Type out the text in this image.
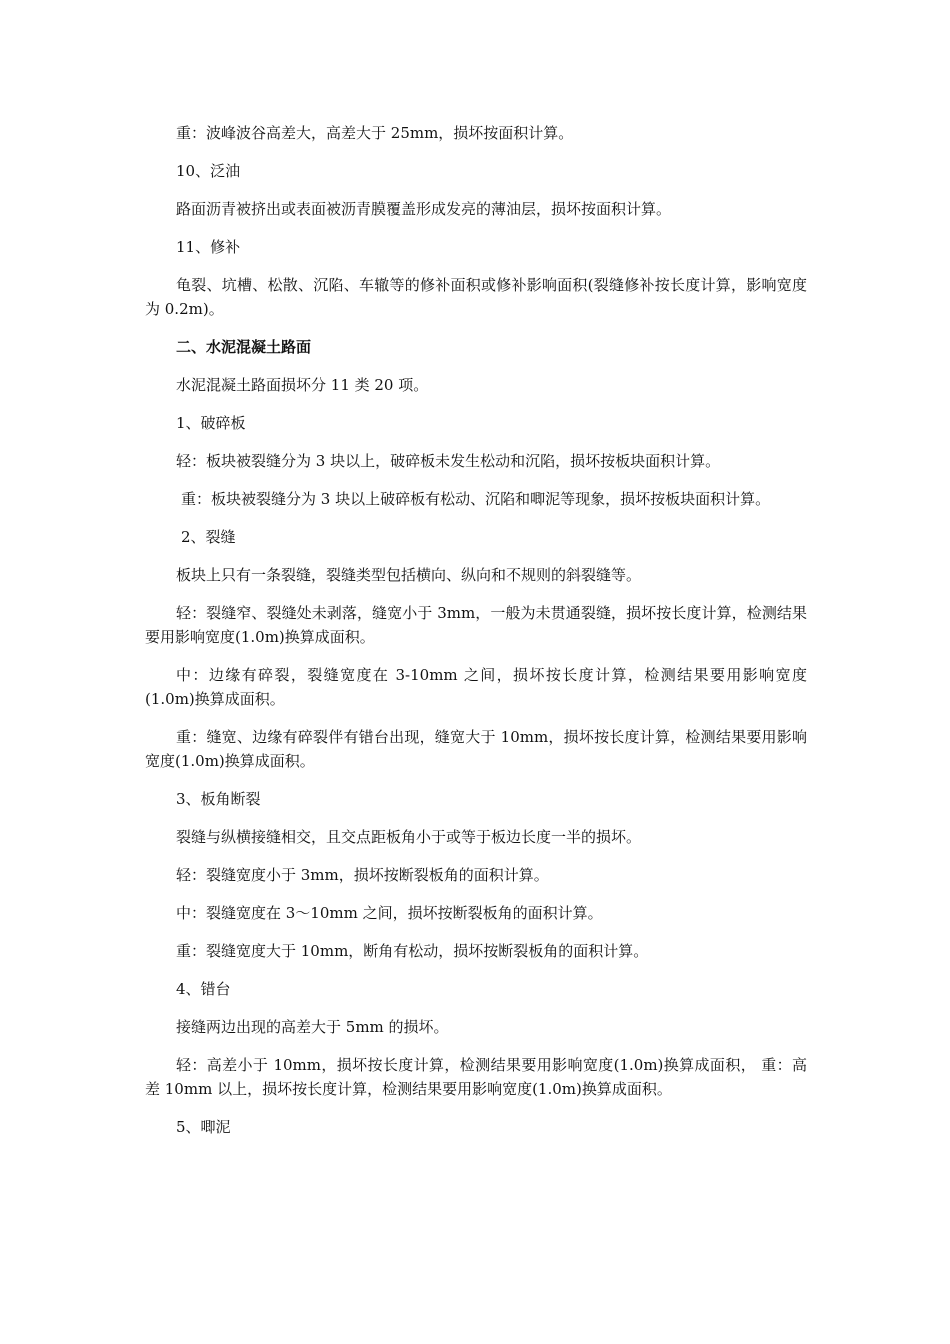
重：波峰波谷高差大，高差大于 25mm，损坏按面积计算。

10、泛油

路面沥青被挤出或表面被沥青膜覆盖形成发亮的薄油层，损坏按面积计算。

11、修补

龟裂、坑槽、松散、沉陷、车辙等的修补面积或修补影响面积(裂缝修补按长度计算，影响宽度为 0.2m)。

二、水泥混凝土路面

水泥混凝土路面损坏分 11 类 20 项。

1、破碎板

轻：板块被裂缝分为 3 块以上，破碎板未发生松动和沉陷，损坏按板块面积计算。

重：板块被裂缝分为 3 块以上破碎板有松动、沉陷和唧泥等现象，损坏按板块面积计算。

2、裂缝

板块上只有一条裂缝，裂缝类型包括横向、纵向和不规则的斜裂缝等。

轻：裂缝窄、裂缝处未剥落，缝宽小于 3mm，一般为未贯通裂缝，损坏按长度计算，检测结果要用影响宽度(1.0m)换算成面积。

中：边缘有碎裂，裂缝宽度在 3-10mm 之间，损坏按长度计算，检测结果要用影响宽度(1.0m)换算成面积。

重：缝宽、边缘有碎裂伴有错台出现，缝宽大于 10mm，损坏按长度计算，检测结果要用影响宽度(1.0m)换算成面积。

3、板角断裂

裂缝与纵横接缝相交，且交点距板角小于或等于板边长度一半的损坏。

轻：裂缝宽度小于 3mm，损坏按断裂板角的面积计算。

中：裂缝宽度在 3～10mm 之间，损坏按断裂板角的面积计算。

重：裂缝宽度大于 10mm，断角有松动，损坏按断裂板角的面积计算。

4、错台

接缝两边出现的高差大于 5mm 的损坏。

轻：高差小于 10mm，损坏按长度计算，检测结果要用影响宽度(1.0m)换算成面积， 重：高差 10mm 以上，损坏按长度计算，检测结果要用影响宽度(1.0m)换算成面积。

5、唧泥
